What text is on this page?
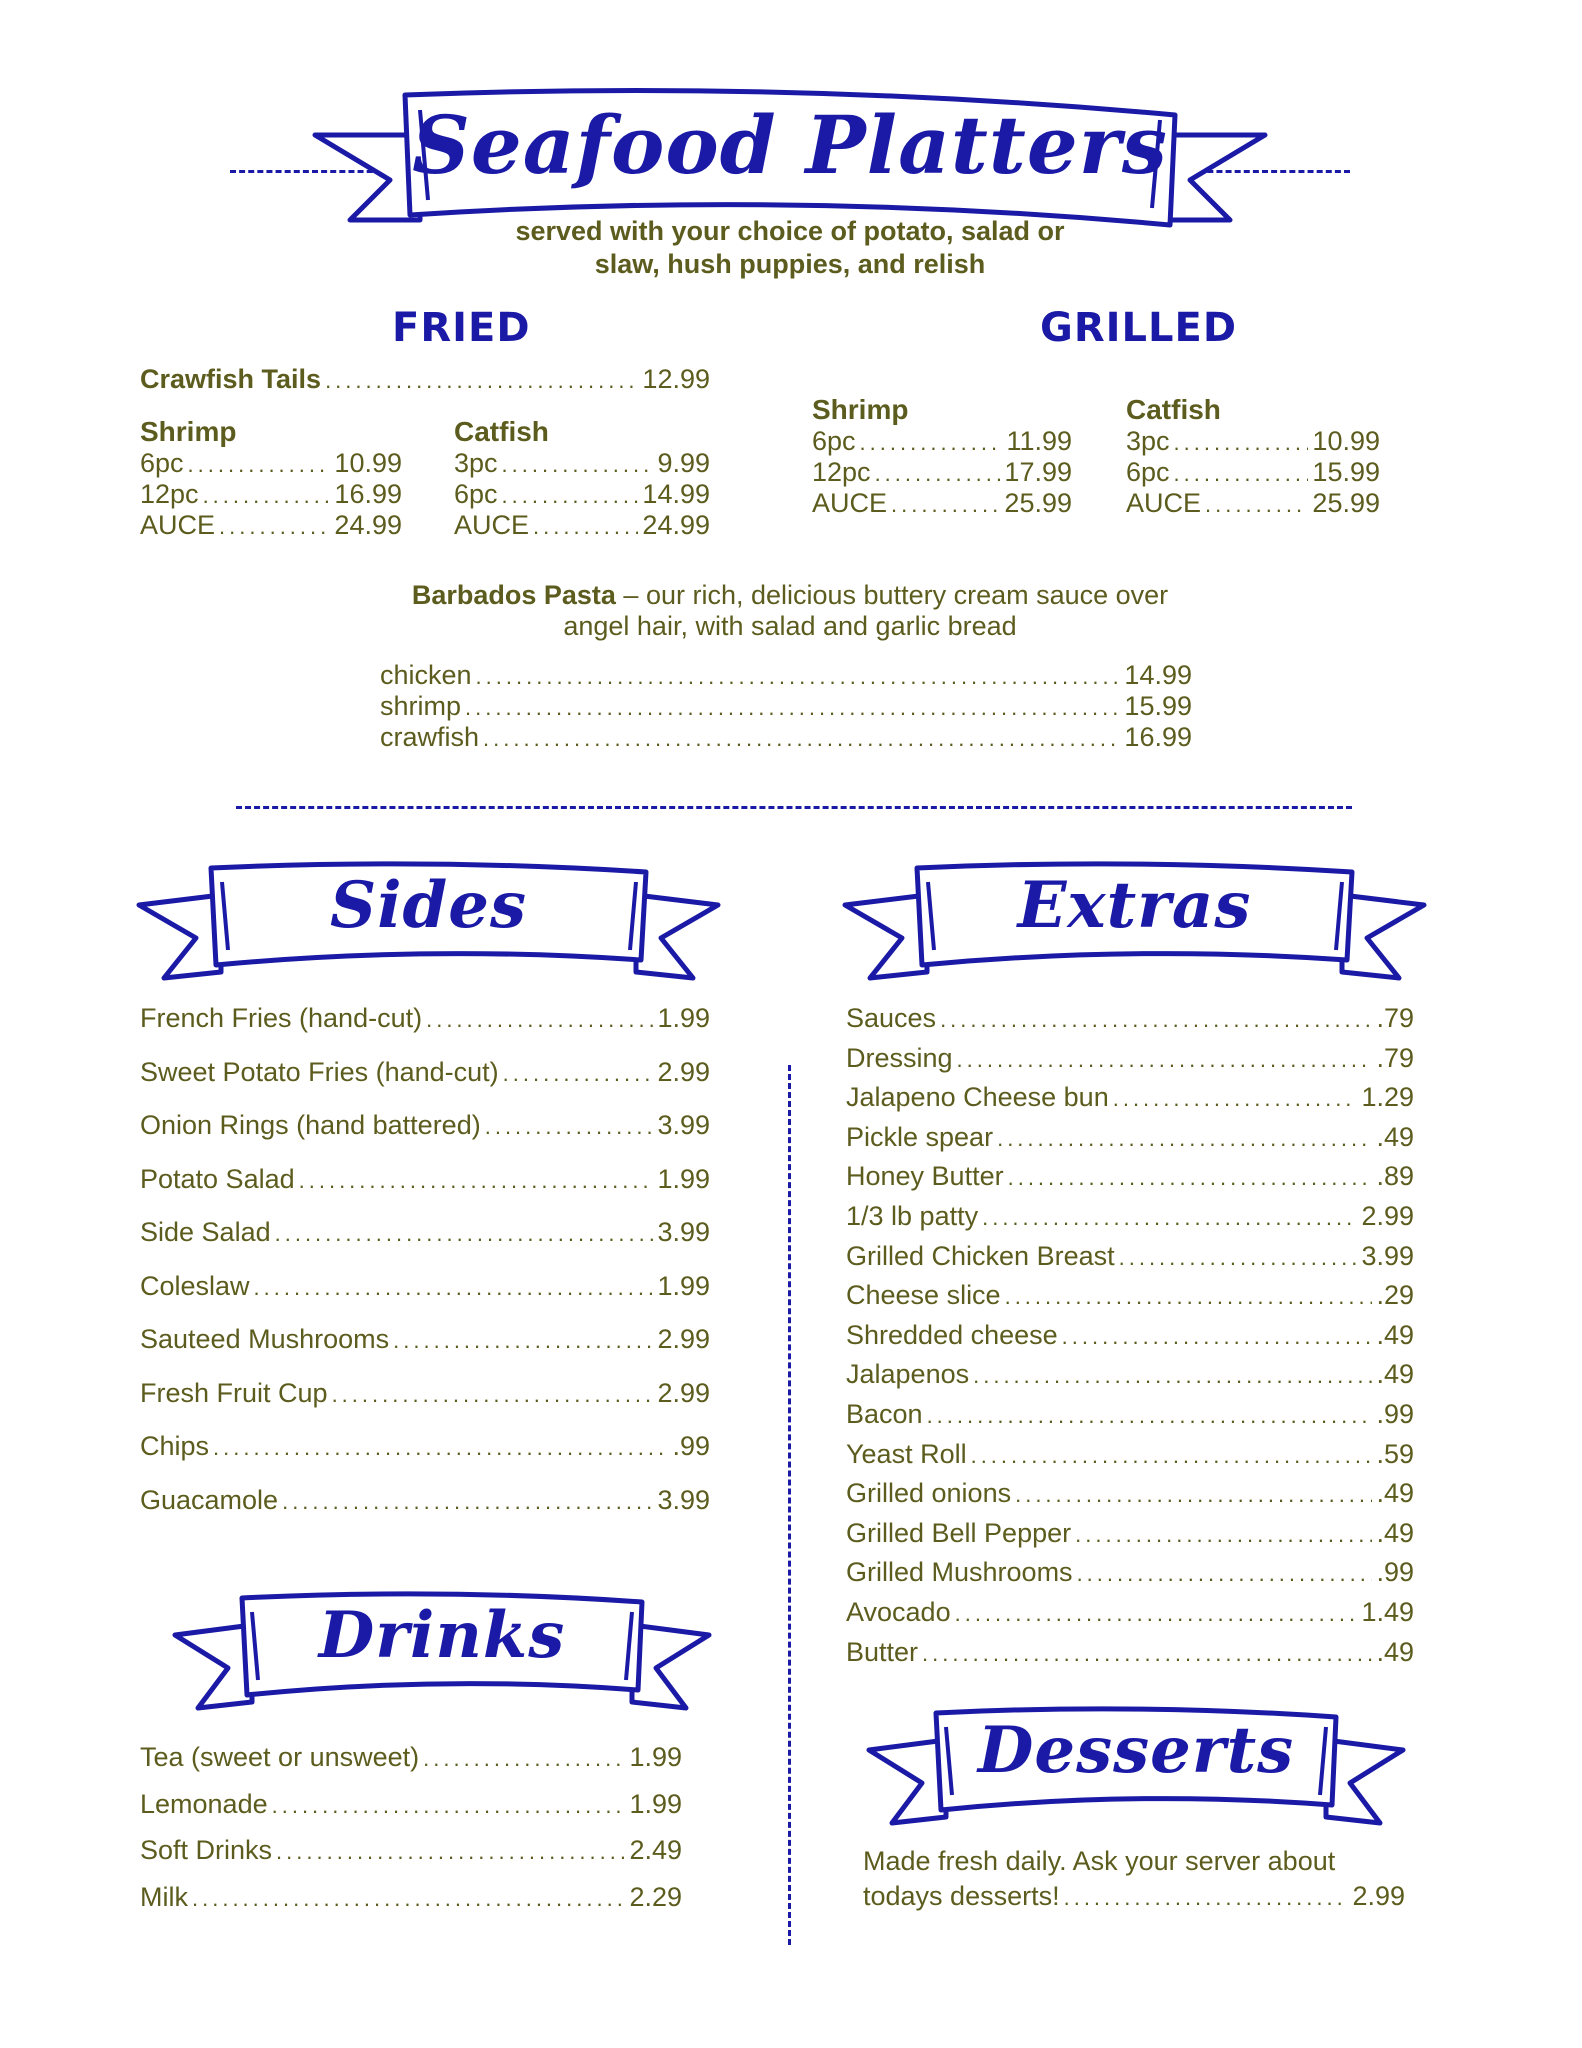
Seafood Platters
served with your choice of potato, salad or
slaw, hush puppies, and relish
FRIED
Crawfish Tails .....	12.99
Shrimp
6pc .....	10.99
12pc .....	16.99
AUCE .....	24.99
Catfish
3pc .....	9.99
6pc .....	14.99
AUCE .....	24.99
GRILLED
Shrimp
6pc .....	11.99
12pc .....	17.99
AUCE .....	25.99
Catfish
3pc .....	10.99
6pc .....	15.99
AUCE .....	25.99
Barbados Pasta – our rich, delicious buttery cream sauce over
angel hair, with salad and garlic bread
chicken .....	14.99
shrimp .....	15.99
crawfish .....	16.99
Sides
French Fries (hand-cut) .....	1.99
Sweet Potato Fries (hand-cut) .....	2.99
Onion Rings (hand battered) .....	3.99
Potato Salad .....	1.99
Side Salad .....	3.99
Coleslaw .....	1.99
Sauteed Mushrooms .....	2.99
Fresh Fruit Cup .....	2.99
Chips .....	.99
Guacamole .....	3.99
Drinks
Tea (sweet or unsweet) .....	1.99
Lemonade .....	1.99
Soft Drinks .....	2.49
Milk .....	2.29
Extras
Sauces .....	.79
Dressing .....	.79
Jalapeno Cheese bun .....	1.29
Pickle spear .....	.49
Honey Butter .....	.89
1/3 lb patty .....	2.99
Grilled Chicken Breast .....	3.99
Cheese slice .....	.29
Shredded cheese .....	.49
Jalapenos .....	.49
Bacon .....	.99
Yeast Roll .....	.59
Grilled onions .....	.49
Grilled Bell Pepper .....	.49
Grilled Mushrooms .....	.99
Avocado .....	1.49
Butter .....	.49
Desserts
Made fresh daily. Ask your server about
todays desserts! .....	2.99
